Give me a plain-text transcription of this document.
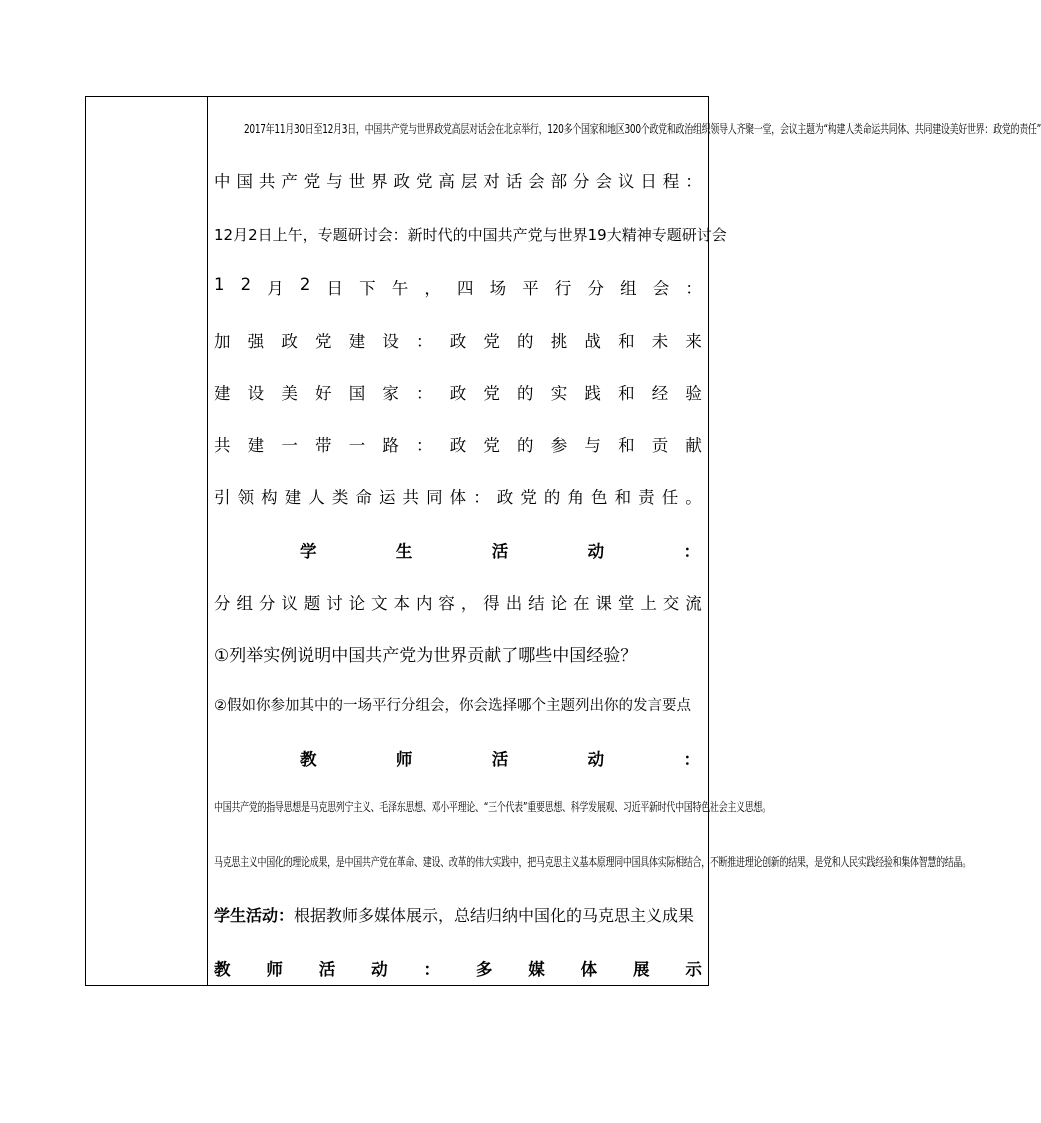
2017年11月30日至12月3日，中国共产党与世界政党高层对话会在北京举行，120多个国家和地区300个政党和政治组织领导人齐聚一堂，会议主题为“构建人类命运共同体、共同建设美好世界：政党的责任”
中 国 共 产 党 与 世 界 政 党 高 层 对 话 会 部 分 会 议 日 程 ：
12月2日上午，专题研讨会：新时代的中国共产党与世界19大精神专题研讨会
1 2 月 2 日 下 午 ， 四 场 平 行 分 组 会 ：
加 强 政 党 建 设 ： 政 党 的 挑 战 和 未 来
建 设 美 好 国 家 ： 政 党 的 实 践 和 经 验
共 建 一 带 一 路 ： 政 党 的 参 与 和 贡 献
引 领 构 建 人 类 命 运 共 同 体 ： 政 党 的 角 色 和 责 任 。
学	生	活	动	：
分 组 分 议 题 讨 论 文 本 内 容 ， 得 出 结 论 在 课 堂 上 交 流
①列举实例说明中国共产党为世界贡献了哪些中国经验？
②假如你参加其中的一场平行分组会，你会选择哪个主题列出你的发言要点
教	师	活	动	：
中国共产党的指导思想是马克思列宁主义、毛泽东思想、邓小平理论、“三个代表”重要思想、科学发展观、习近平新时代中国特色社会主义思想。
马克思主义中国化的理论成果，是中国共产党在革命、建设、改革的伟大实践中，把马克思主义基本原理同中国具体实际相结合，不断推进理论创新的结果，是党和人民实践经验和集体智慧的结晶。
学生活动：根据教师多媒体展示，总结归纳中国化的马克思主义成果
教 师 活 动 ： 多 媒 体 展 示
